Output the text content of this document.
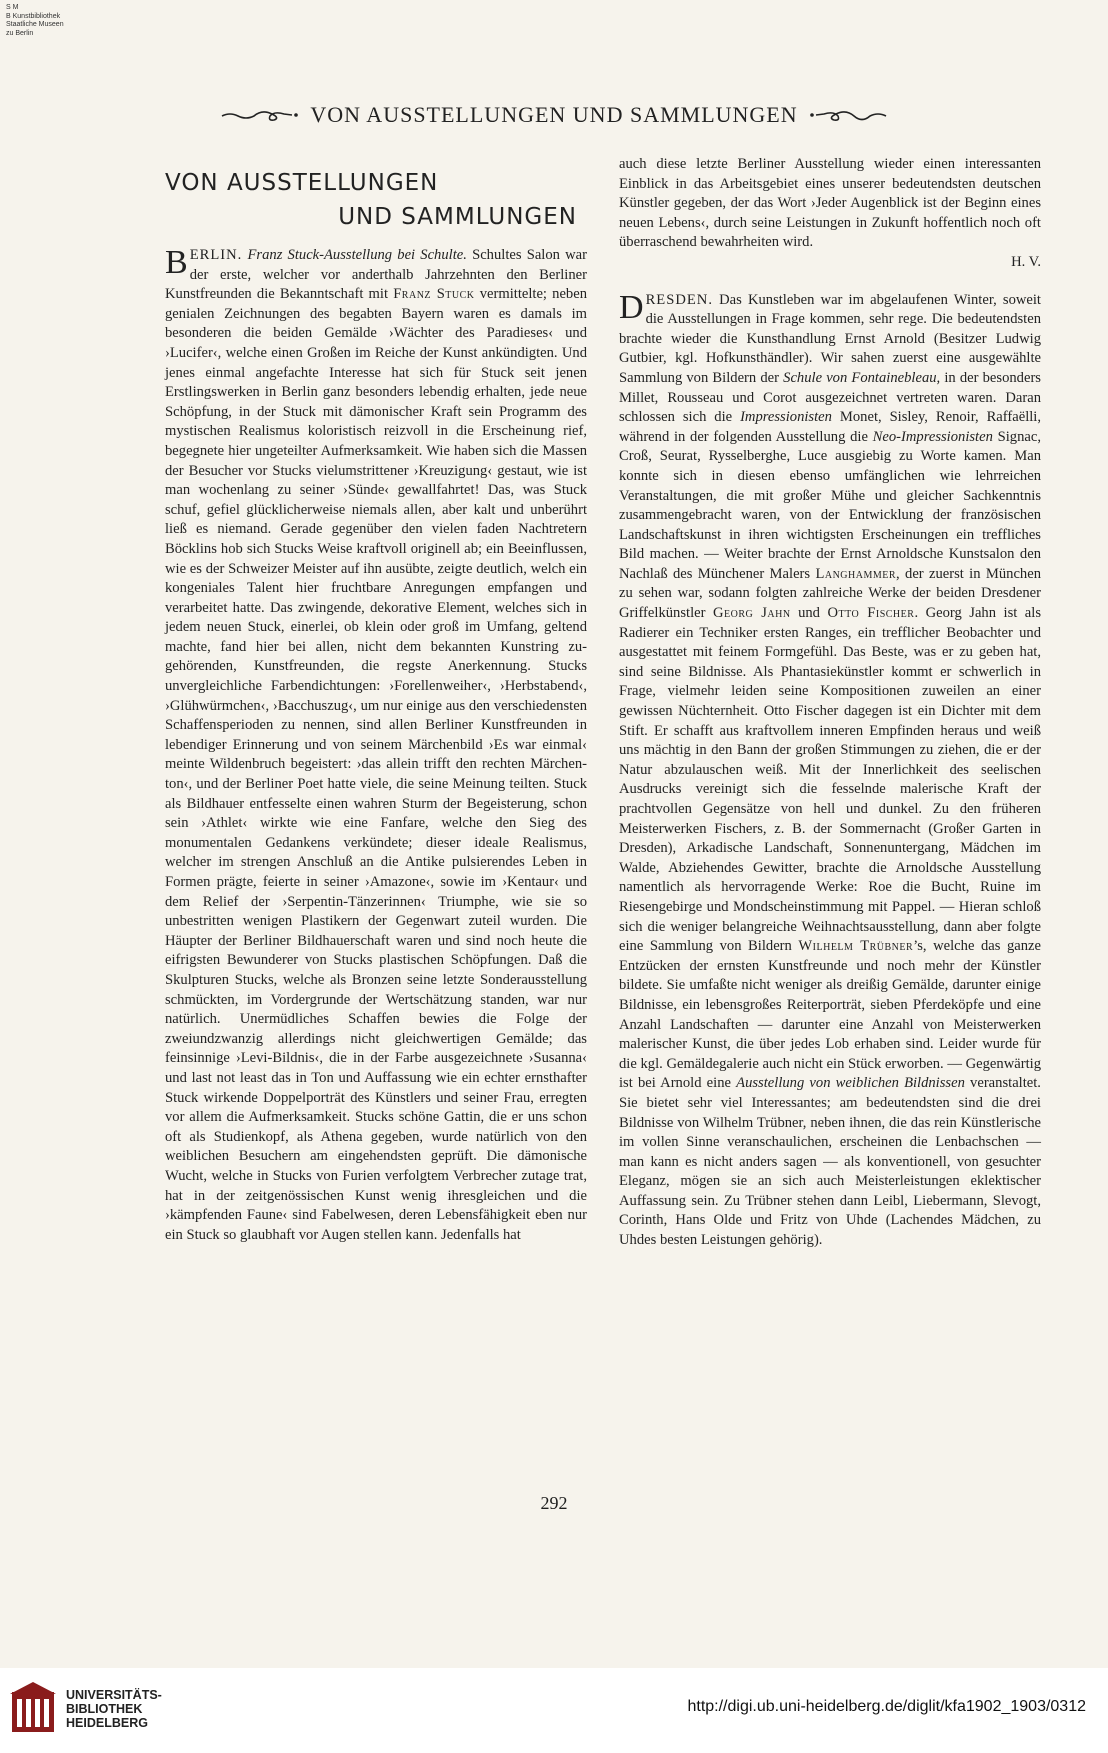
S M
B Kunstbibliothek
Staatliche Museen
zu Berlin
VON AUSSTELLUNGEN UND SAMMLUNGEN
VON AUSSTELLUNGEN
UND SAMMLUNGEN

BERLIN. Franz Stuck-Ausstellung bei Schulte. Schultes Salon war der erste, welcher vor anderthalb Jahrzehnten den Berliner Kunstfreunden die Bekanntschaft mit Franz Stuck vermittelte; neben genialen Zeichnungen des begabten Bayern waren es damals im besonderen die beiden Gemälde ›Wächter des Paradieses‹ und ›Lucifer‹, welche einen Großen im Reiche der Kunst ankündigten. Und jenes einmal angefachte Interesse hat sich für Stuck seit jenen Erstlingswerken in Berlin ganz besonders lebendig erhalten, jede neue Schöpfung, in der Stuck mit dämonischer Kraft sein Programm des mystischen Realismus koloristisch reizvoll in die Erscheinung rief, begegnete hier ungeteilter Aufmerksamkeit. Wie haben sich die Massen der Besucher vor Stucks vielumstrittener ›Kreuzigung‹ gestaut, wie ist man wochenlang zu seiner ›Sünde‹ gewallfahrtet! Das, was Stuck schuf, gefiel glücklicherweise niemals allen, aber kalt und unberührt ließ es niemand. Gerade gegenüber den vielen faden Nachtretern Böcklins hob sich Stucks Weise kraftvoll originell ab; ein Beeinflussen, wie es der Schweizer Meister auf ihn ausübte, zeigte deutlich, welch ein kongeniales Talent hier fruchtbare Anregungen empfangen und verarbeitet hatte. Das zwingende, dekorative Element, welches sich in jedem neuen Stuck, einerlei, ob klein oder groß im Umfang, geltend machte, fand hier bei allen, nicht dem bekannten Kunstring zugehörenden, Kunstfreunden, die regste Anerkennung. Stucks unvergleichliche Farbendichtungen: ›Forellenweiher‹, ›Herbstabend‹, ›Glühwürmchen‹, ›Bacchuszug‹, um nur einige aus den verschiedensten Schaffensperioden zu nennen, sind allen Berliner Kunstfreunden in lebendiger Erinnerung und von seinem Märchenbild ›Es war einmal‹ meinte Wildenbruch begeistert: ›das allein trifft den rechten Märchenton‹, und der Berliner Poet hatte viele, die seine Meinung teilten. Stuck als Bildhauer entfesselte einen wahren Sturm der Begeisterung, schon sein ›Athlet‹ wirkte wie eine Fanfare, welche den Sieg des monumentalen Gedankens verkündete; dieser ideale Realismus, welcher im strengen Anschluß an die Antike pulsierendes Leben in Formen prägte, feierte in seiner ›Amazone‹, sowie im ›Kentaur‹ und dem Relief der ›Serpentin-Tänzerinnen‹ Triumphe, wie sie so unbestritten wenigen Plastikern der Gegenwart zuteil wurden. Die Häupter der Berliner Bildhauerschaft waren und sind noch heute die eifrigsten Bewunderer von Stucks plastischen Schöpfungen. Daß die Skulpturen Stucks, welche als Bronzen seine letzte Sonderausstellung schmückten, im Vordergrunde der Wertschätzung standen, war nur natürlich. Unermüdliches Schaffen bewies die Folge der zweiundzwanzig allerdings nicht gleichwertigen Gemälde; das feinsinnige ›Levi-Bildnis‹, die in der Farbe ausgezeichnete ›Susanna‹ und last not least das in Ton und Auffassung wie ein echter ernsthafter Stuck wirkende Doppelporträt des Künstlers und seiner Frau, erregten vor allem die Aufmerksamkeit. Stucks schöne Gattin, die er uns schon oft als Studienkopf, als Athena gegeben, wurde natürlich von den weiblichen Besuchern am eingehendsten geprüft. Die dämonische Wucht, welche in Stucks von Furien verfolgtem Verbrecher zutage trat, hat in der zeitgenössischen Kunst wenig ihresgleichen und die ›kämpfenden Faune‹ sind Fabelwesen, deren Lebensfähigkeit eben nur ein Stuck so glaubhaft vor Augen stellen kann. Jedenfalls hat

auch diese letzte Berliner Ausstellung wieder einen interessanten Einblick in das Arbeitsgebiet eines unserer bedeutendsten deutschen Künstler gegeben, der das Wort ›Jeder Augenblick ist der Beginn eines neuen Lebens‹, durch seine Leistungen in Zukunft hoffentlich noch oft überraschend bewahrheiten wird.

H. V.

DRESDEN. Das Kunstleben war im abgelaufenen Winter, soweit die Ausstellungen in Frage kommen, sehr rege. Die bedeutendsten brachte wieder die Kunsthandlung Ernst Arnold (Besitzer Ludwig Gutbier, kgl. Hofkunsthändler). Wir sahen zuerst eine ausgewählte Sammlung von Bildern der Schule von Fontainebleau, in der besonders Millet, Rousseau und Corot ausgezeichnet vertreten waren. Daran schlossen sich die Impressionisten Monet, Sisley, Renoir, Raffaëlli, während in der folgenden Ausstellung die Neo-Impressionisten Signac, Croß, Seurat, Rysselberghe, Luce ausgiebig zu Worte kamen. Man konnte sich in diesen ebenso umfänglichen wie lehrreichen Veranstaltungen, die mit großer Mühe und gleicher Sachkenntnis zusammengebracht waren, von der Entwicklung der französischen Landschaftskunst in ihren wichtigsten Erscheinungen ein treffliches Bild machen. — Weiter brachte der Ernst Arnoldsche Kunstsalon den Nachlaß des Münchener Malers Langhammer, der zuerst in München zu sehen war, sodann folgten zahlreiche Werke der beiden Dresdener Griffelkünstler Georg Jahn und Otto Fischer. Georg Jahn ist als Radierer ein Techniker ersten Ranges, ein trefflicher Beobachter und ausgestattet mit feinem Formgefühl. Das Beste, was er zu geben hat, sind seine Bildnisse. Als Phantasiekünstler kommt er schwerlich in Frage, vielmehr leiden seine Kompositionen zuweilen an einer gewissen Nüchternheit. Otto Fischer dagegen ist ein Dichter mit dem Stift. Er schafft aus kraftvollem inneren Empfinden heraus und weiß uns mächtig in den Bann der großen Stimmungen zu ziehen, die er der Natur abzulauschen weiß. Mit der Innerlichkeit des seelischen Ausdrucks vereinigt sich die fesselnde malerische Kraft der prachtvollen Gegensätze von hell und dunkel. Zu den früheren Meisterwerken Fischers, z. B. der Sommernacht (Großer Garten in Dresden), Arkadische Landschaft, Sonnenuntergang, Mädchen im Walde, Abziehendes Gewitter, brachte die Arnoldsche Ausstellung namentlich als hervorragende Werke: Roe die Bucht, Ruine im Riesengebirge und Mondscheinstimmung mit Pappel. — Hieran schloß sich die weniger belangreiche Weihnachtsausstellung, dann aber folgte eine Sammlung von Bildern Wilhelm Trübner’s, welche das ganze Entzücken der ernsten Kunstfreunde und noch mehr der Künstler bildete. Sie umfaßte nicht weniger als dreißig Gemälde, darunter einige Bildnisse, ein lebensgroßes Reiterporträt, sieben Pferdeköpfe und eine Anzahl Landschaften — darunter eine Anzahl von Meisterwerken malerischer Kunst, die über jedes Lob erhaben sind. Leider wurde für die kgl. Gemäldegalerie auch nicht ein Stück erworben. — Gegenwärtig ist bei Arnold eine Ausstellung von weiblichen Bildnissen veranstaltet. Sie bietet sehr viel Interessantes; am bedeutendsten sind die drei Bildnisse von Wilhelm Trübner, neben ihnen, die das rein Künstlerische im vollen Sinne veranschaulichen, erscheinen die Lenbachschen — man kann es nicht anders sagen — als konventionell, von gesuchter Eleganz, mögen sie an sich auch Meisterleistungen eklektischer Auffassung sein. Zu Trübner stehen dann Leibl, Liebermann, Slevogt, Corinth, Hans Olde und Fritz von Uhde (Lachendes Mädchen, zu Uhdes besten Leistungen gehörig).

292
UNIVERSITÄTS-
BIBLIOTHEK
HEIDELBERG
http://digi.ub.uni-heidelberg.de/diglit/kfa1902_1903/0312
